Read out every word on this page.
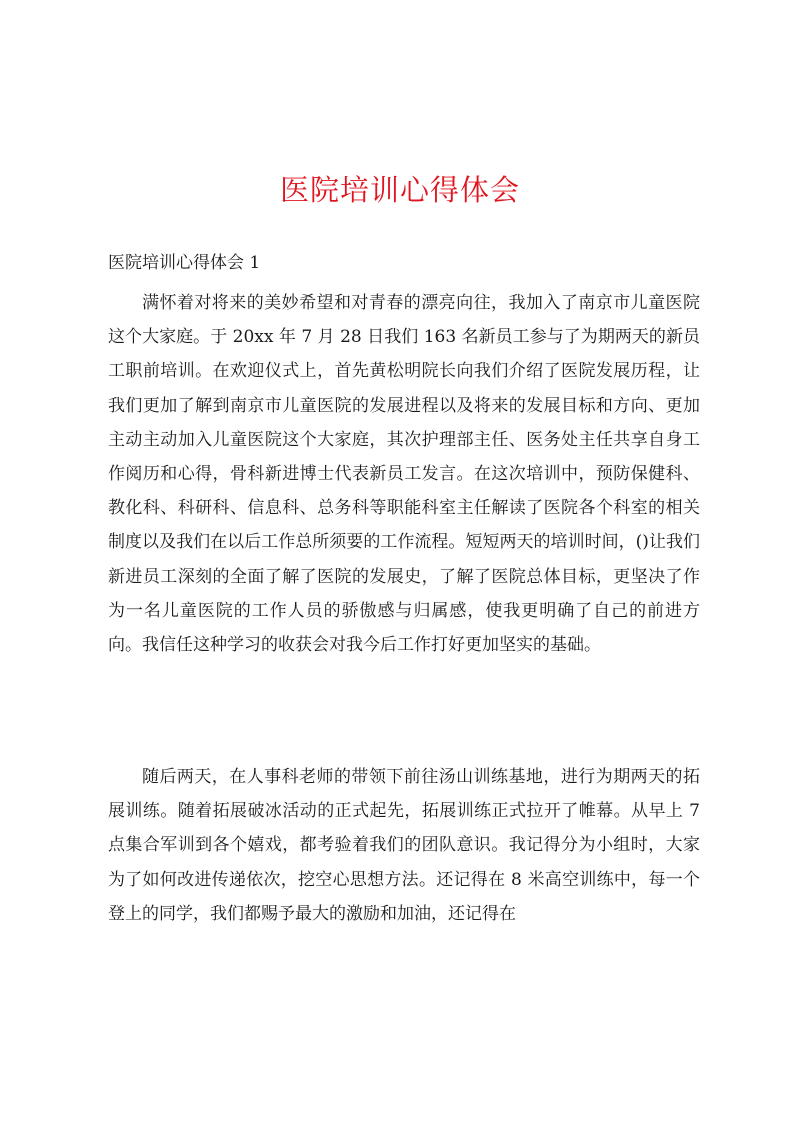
医院培训心得体会
医院培训心得体会 1

满怀着对将来的美妙希望和对青春的漂亮向往，我加入了南京市儿童医院这个大家庭。于 20xx 年 7 月 28 日我们 163 名新员工参与了为期两天的新员工职前培训。在欢迎仪式上，首先黄松明院长向我们介绍了医院发展历程，让我们更加了解到南京市儿童医院的发展进程以及将来的发展目标和方向、更加主动主动加入儿童医院这个大家庭，其次护理部主任、医务处主任共享自身工作阅历和心得，骨科新进博士代表新员工发言。在这次培训中，预防保健科、教化科、科研科、信息科、总务科等职能科室主任解读了医院各个科室的相关制度以及我们在以后工作总所须要的工作流程。短短两天的培训时间，()让我们新进员工深刻的全面了解了医院的发展史，了解了医院总体目标，更坚决了作为一名儿童医院的工作人员的骄傲感与归属感，使我更明确了自己的前进方向。我信任这种学习的收获会对我今后工作打好更加坚实的基础。

随后两天，在人事科老师的带领下前往汤山训练基地，进行为期两天的拓展训练。随着拓展破冰活动的正式起先，拓展训练正式拉开了帷幕。从早上 7 点集合军训到各个嬉戏，都考验着我们的团队意识。我记得分为小组时，大家为了如何改进传递依次，挖空心思想方法。还记得在 8 米高空训练中，每一个登上的同学，我们都赐予最大的激励和加油，还记得在
